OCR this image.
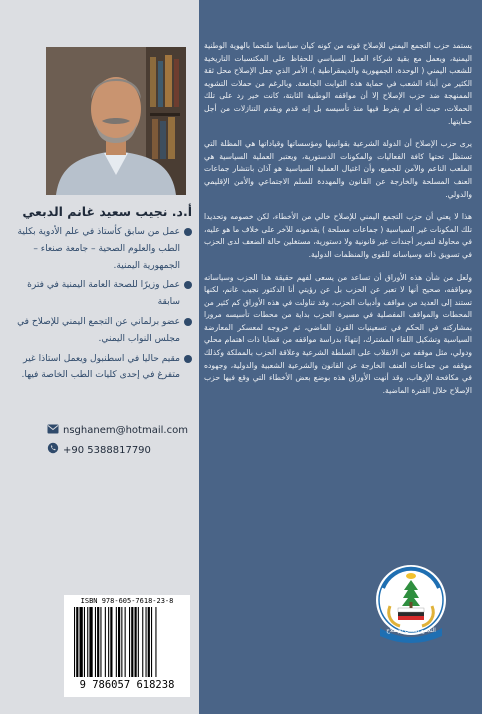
أ.د. نجيب سعيد غانم الدبعي
عمل من سابق كأستاذ في علم الأدوية بكلية الطب والعلوم الصحية – جامعة صنعاء – الجمهورية اليمنية.
عمل وزيرًا للصحة العامة اليمنية في فترة سابقة
عضو برلماني عن التجمع اليمني للإصلاح في مجلس النواب اليمني.
مقيم حاليا في اسطنبول ويعمل استاذا غير متفرغ في إحدى كليات الطب الخاصة فيها.
nsghanem@hotmail.com
+90 5388817790
ISBN 978-605-7618-23-8
9 786057 618238

يستمد حزب التجمع اليمني للإصلاح قوته من كونه كيان سياسيا ملتحما بالهوية الوطنية اليمنية، ويعمل مع بقية شركاء العمل السياسي للحفاظ على المكتسبات التاريخية للشعب اليمني ( الوحدة، الجمهورية والديمقراطية )، الأمر الذي جعل الإصلاح محل ثقة الكثير من أبناء الشعب في حماية هذه الثوابت الجامعة. وبالرغم من حملات التشويه الممنهجة ضد حزب الإصلاح إلا أن مواقفه الوطنية الثابتة، كانت خير رد على تلك الحملات، حيث أنه لم يفرط فيها منذ تأسيسه بل إنه قدم ويقدم التنازلات من أجل حمايتها.

يرى حزب الإصلاح أن الدولة الشرعية بقوانينها ومؤسساتها وقياداتها هي المظلة التي تستظل تحتها كافة الفعاليات والمكونات الدستورية، ويعتبر العملية السياسية هي الملعب الناعم والآمن للجميع، وأن اغتيال العملية السياسية هو آذان بانتشار جماعات العنف المسلحة والخارجة عن القانون والمهددة للسلم الاجتماعي والأمن الإقليمي والدولي.

هذا لا يعني أن حزب التجمع اليمني للإصلاح خالي من الأخطاء، لكن خصومه وتحديدا تلك المكونات غير السياسية ( جماعات مسلحة ) يقدمونه للآخر على خلاف ما هو عليه، في محاولة لتمرير أجندات غير قانونية ولا دستورية، مستغلين حالة الضعف لدى الحزب في تسويق ذاته وسياساته للقوى والمنظمات الدولية.

ولعل من شأن هذه الأوراق أن تساعد من يسعى لفهم حقيقة هذا الحزب وسياساته ومواقفه، صحيح أنها لا تعبر عن الحزب بل عن رؤيتي أنا الدكتور نجيب غانم، لكنها تستند إلى العديد من مواقف وأدبيات الحزب، وقد تناولت في هذه الأوراق كم كثير من المحطات والمواقف المفصلية في مسيرة الحزب بداية من محطات تأسيسه مرورا بمشاركته في الحكم في تسعينيات القرن الماضي، ثم خروجه لمعسكر المعارضة السياسية وتشكيل اللقاء المشترك، إنتهاءً بدراسة مواقفه من قضايا ذات اهتمام محلي ودولي، مثل موقفه من الانقلاب على السلطة الشرعية وعلاقة الحزب بالمملكة وكذلك موقفه من جماعات العنف الخارجة عن القانون والشرعية الشعبية والدولية، وجهوده في مكافحة الإرهاب، وقد أنهت الأوراق هذه بوضع بعض الأخطاء التي وقع فيها حزب الإصلاح خلال الفترة الماضية.

التجمع اليمني للإصلاح
